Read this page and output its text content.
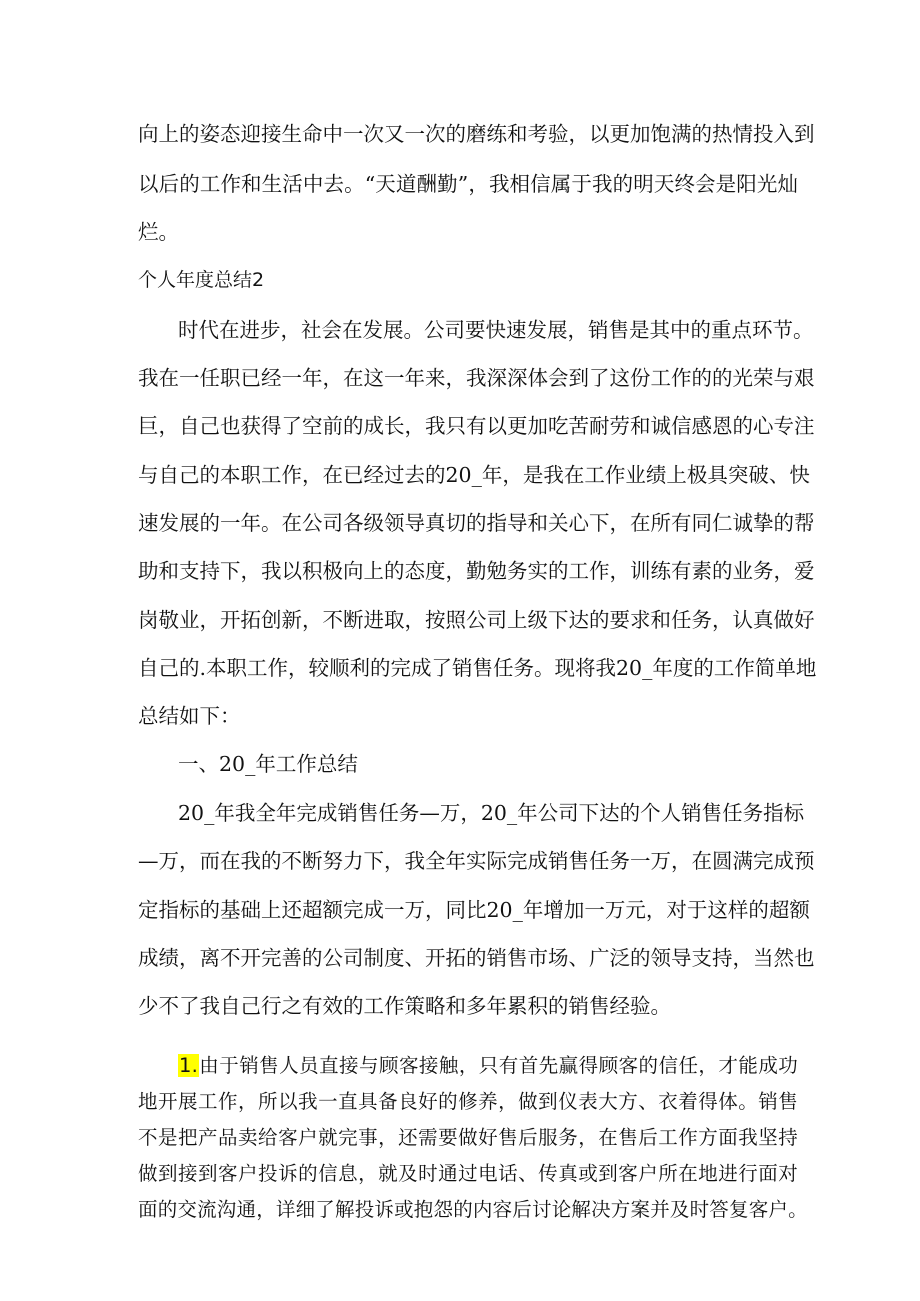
向上的姿态迎接生命中一次又一次的磨练和考验，以更加饱满的热情投入到
以后的工作和生活中去。“天道酬勤”，我相信属于我的明天终会是阳光灿
烂。
个人年度总结2
时代在进步，社会在发展。公司要快速发展，销售是其中的重点环节。
我在一任职已经一年，在这一年来，我深深体会到了这份工作的的光荣与艰
巨，自己也获得了空前的成长，我只有以更加吃苦耐劳和诚信感恩的心专注
与自己的本职工作，在已经过去的20_年，是我在工作业绩上极具突破、快
速发展的一年。在公司各级领导真切的指导和关心下，在所有同仁诚挚的帮
助和支持下，我以积极向上的态度，勤勉务实的工作，训练有素的业务，爱
岗敬业，开拓创新，不断进取，按照公司上级下达的要求和任务，认真做好
自己的.本职工作，较顺利的完成了销售任务。现将我20_年度的工作简单地
总结如下：
一、20_年工作总结
20_年我全年完成销售任务—万，20_年公司下达的个人销售任务指标
—万，而在我的不断努力下，我全年实际完成销售任务一万，在圆满完成预
定指标的基础上还超额完成一万，同比20_年增加一万元，对于这样的超额
成绩，离不开完善的公司制度、开拓的销售市场、广泛的领导支持，当然也
少不了我自己行之有效的工作策略和多年累积的销售经验。
1.由于销售人员直接与顾客接触，只有首先赢得顾客的信任，才能成功
地开展工作，所以我一直具备良好的修养，做到仪表大方、衣着得体。销售
不是把产品卖给客户就完事，还需要做好售后服务，在售后工作方面我坚持
做到接到客户投诉的信息，就及时通过电话、传真或到客户所在地进行面对
面的交流沟通，详细了解投诉或抱怨的内容后讨论解决方案并及时答复客户。
